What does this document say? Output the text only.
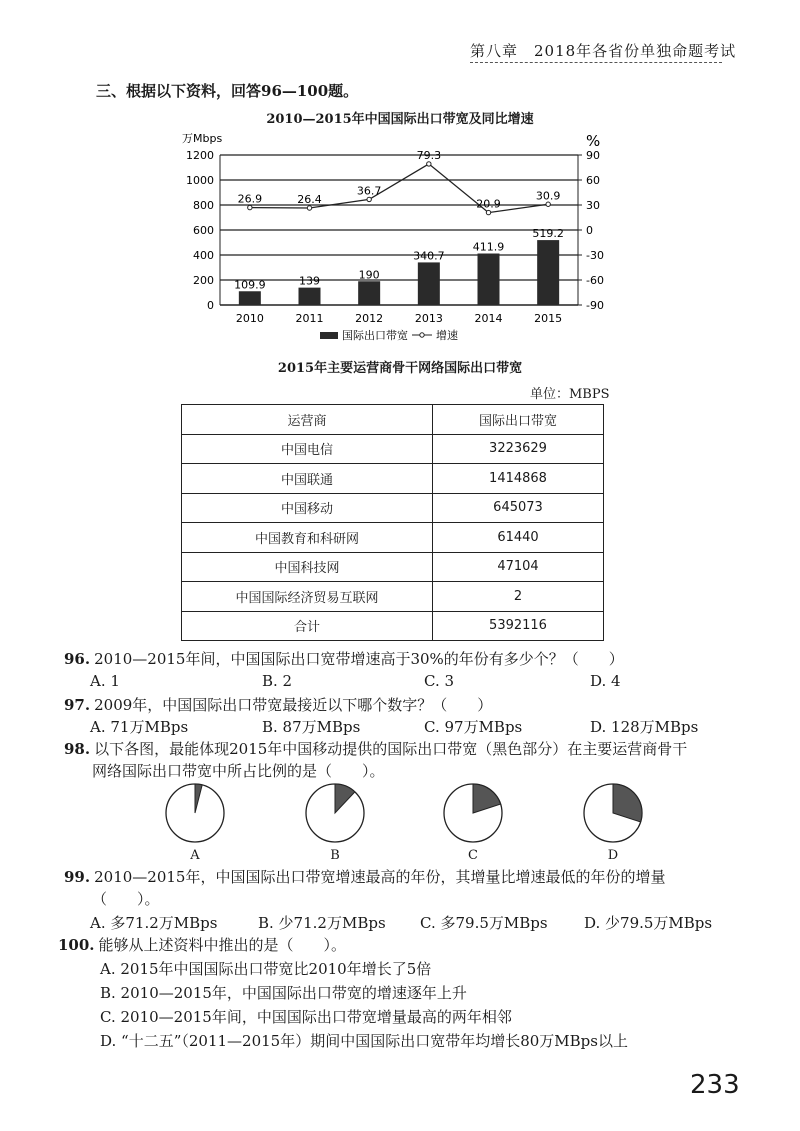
第八章　2018年各省份单独命题考试
三、根据以下资料，回答96—100题。
2010—2015年中国国际出口带宽及同比增速
0
200
400
600
800
1000
1200
-90
-60
-30
0
30
60
90
万Mbps	%
109.9
2010
139
2011
190
2012
340.7
2013
411.9
2014
519.2
2015
26.9	26.4
36.7
79.3
20.9
30.9
国际出口带宽	增速
2015年主要运营商骨干网络国际出口带宽
单位：MBPS
运营商	国际出口带宽
中国电信	3223629
中国联通	1414868
中国移动	645073
中国教育和科研网	61440
中国科技网	47104
中国国际经济贸易互联网	2
合计	5392116
96. 2010—2015年间，中国国际出口宽带增速高于30%的年份有多少个？（　　）
A. 1	B. 2	C. 3	D. 4
97. 2009年，中国国际出口带宽最接近以下哪个数字？（　　）
A. 71万MBps	B. 87万MBps	C. 97万MBps	D. 128万MBps
98. 以下各图，最能体现2015年中国移动提供的国际出口带宽（黑色部分）在主要运营商骨干
网络国际出口带宽中所占比例的是（　　）。
A	B	C	D
99. 2010—2015年，中国国际出口带宽增速最高的年份，其增量比增速最低的年份的增量
（　　）。
A. 多71.2万MBps	B. 少71.2万MBps C. 多79.5万MBps D. 少79.5万MBps
100. 能够从上述资料中推出的是（　　）。
A. 2015年中国国际出口带宽比2010年增长了5倍
B. 2010—2015年，中国国际出口带宽的增速逐年上升
C. 2010—2015年间，中国国际出口带宽增量最高的两年相邻
D. “十二五”（2011—2015年）期间中国国际出口宽带年均增长80万MBps以上
233
